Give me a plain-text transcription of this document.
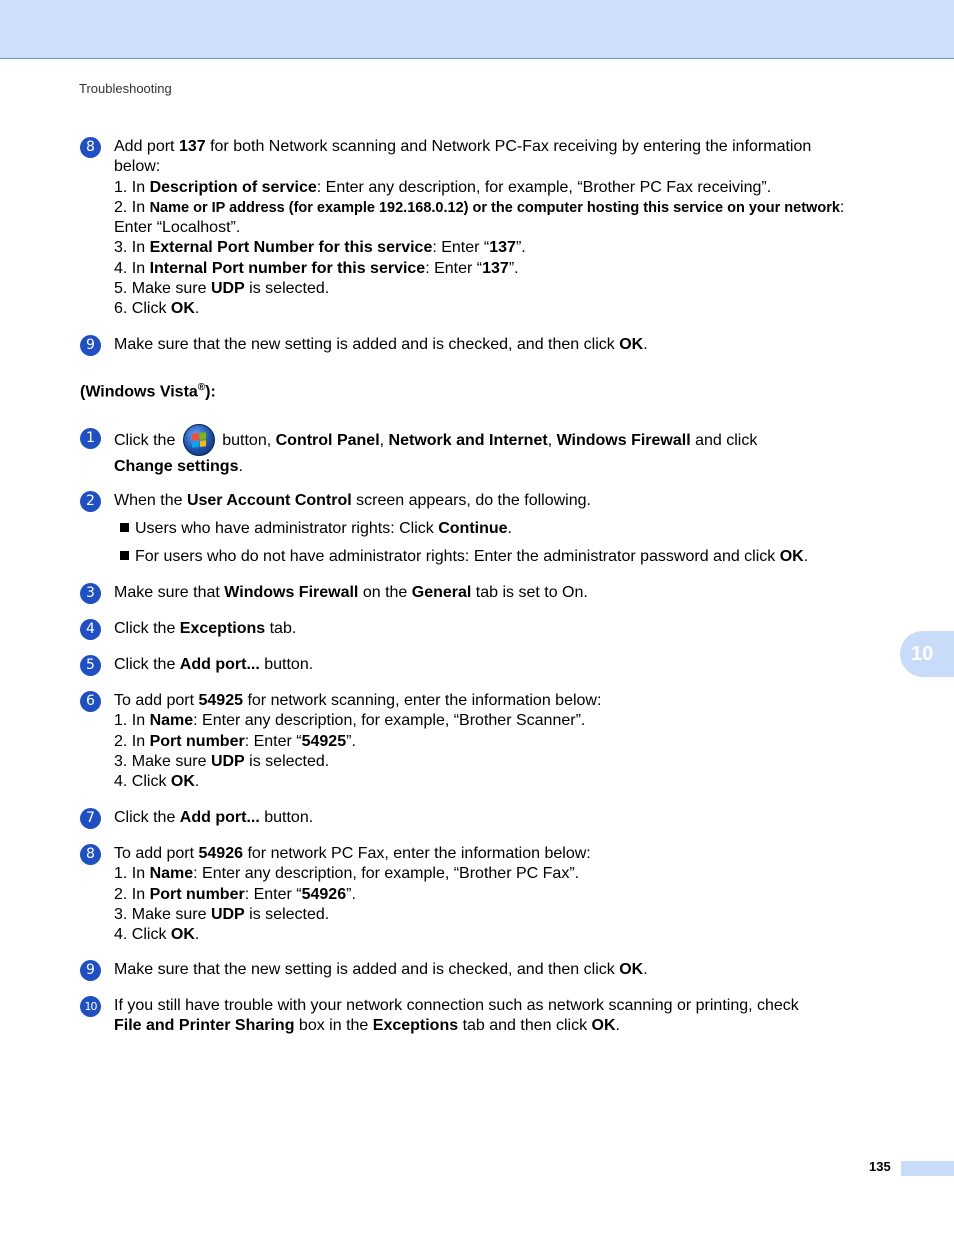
Troubleshooting
10
8	Add port 137 for both Network scanning and Network PC-Fax receiving by entering the information
below:
1. In Description of service: Enter any description, for example, “Brother PC Fax receiving”.
2. In Name or IP address (for example 192.168.0.12) or the computer hosting this service on your network:
Enter “Localhost”.
3. In External Port Number for this service: Enter “137”.
4. In Internal Port number for this service: Enter “137”.
5. Make sure UDP is selected.
6. Click OK.
9	Make sure that the new setting is added and is checked, and then click OK.
(Windows Vista®):
1	Click the
button, Control Panel, Network and Internet, Windows Firewall and click
Change settings.
2	When the User Account Control screen appears, do the following.
Users who have administrator rights: Click Continue.
For users who do not have administrator rights: Enter the administrator password and click OK.
3	Make sure that Windows Firewall on the General tab is set to On.
4	Click the Exceptions tab.
5	Click the Add port... button.
6	To add port 54925 for network scanning, enter the information below:
1. In Name: Enter any description, for example, “Brother Scanner”.
2. In Port number: Enter “54925”.
3. Make sure UDP is selected.
4. Click OK.
7	Click the Add port... button.
8	To add port 54926 for network PC Fax, enter the information below:
1. In Name: Enter any description, for example, “Brother PC Fax”.
2. In Port number: Enter “54926”.
3. Make sure UDP is selected.
4. Click OK.
9	Make sure that the new setting is added and is checked, and then click OK.
10 If you still have trouble with your network connection such as network scanning or printing, check
File and Printer Sharing box in the Exceptions tab and then click OK.
135
